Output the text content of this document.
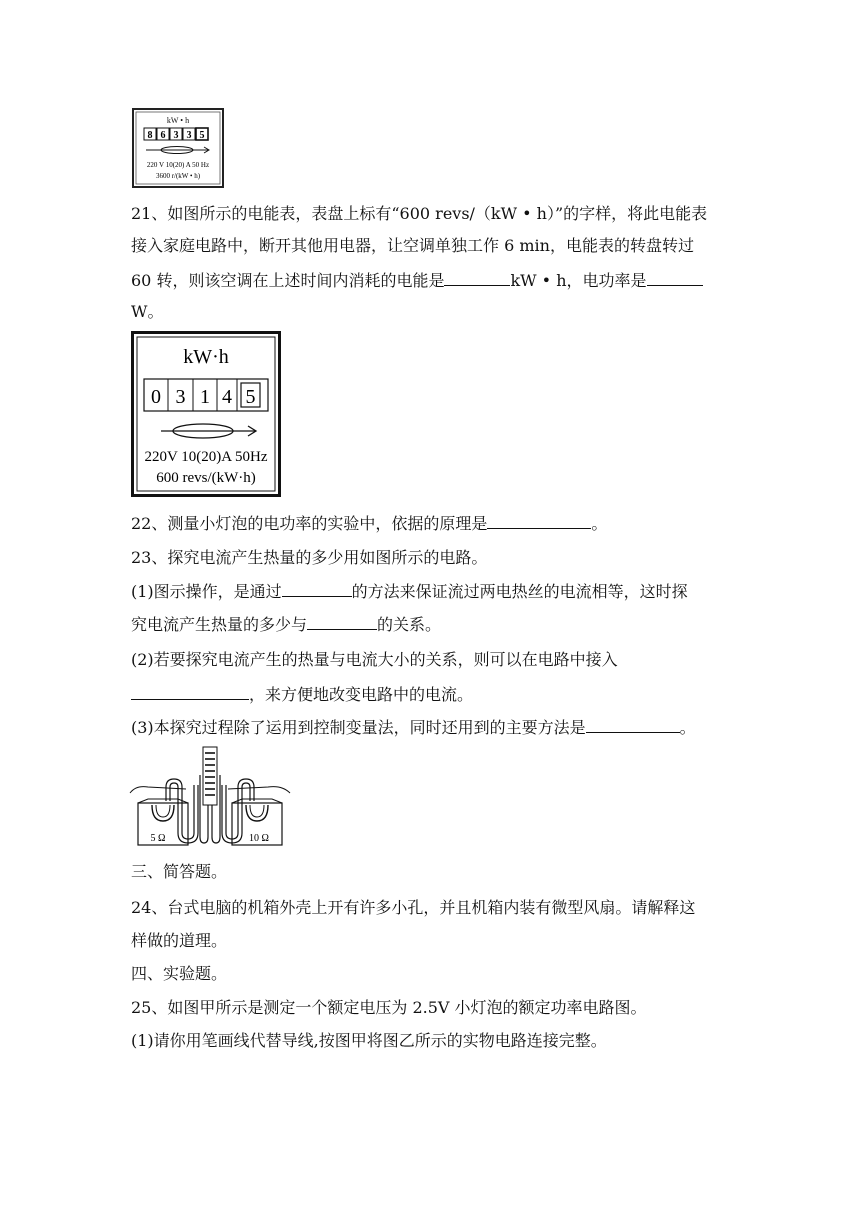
kW • h
8 6 3 3 5
220 V 10(20) A 50 Hz
3600 r/(kW • h)
21、如图所示的电能表，表盘上标有“600 revs/（kW • h）”的字样，将此电能表
接入家庭电路中，断开其他用电器，让空调单独工作 6 min，电能表的转盘转过
60 转，则该空调在上述时间内消耗的电能是	kW • h，电功率是
W。
kW·h
0 3 1 4 5
220V 10(20)A 50Hz
600 revs/(kW·h)
22、测量小灯泡的电功率的实验中，依据的原理是	。
23、探究电流产生热量的多少用如图所示的电路。
(1)图示操作，是通过	的方法来保证流过两电热丝的电流相等，这时探
究电流产生热量的多少与	的关系。
(2)若要探究电流产生的热量与电流大小的关系，则可以在电路中接入
，来方便地改变电路中的电流。
(3)本探究过程除了运用到控制变量法，同时还用到的主要方法是	。
5 Ω	10 Ω
三、简答题。
24、台式电脑的机箱外壳上开有许多小孔，并且机箱内装有微型风扇。请解释这
样做的道理。
四、实验题。
25、如图甲所示是测定一个额定电压为 2.5V 小灯泡的额定功率电路图。
(1)请你用笔画线代替导线,按图甲将图乙所示的实物电路连接完整。
